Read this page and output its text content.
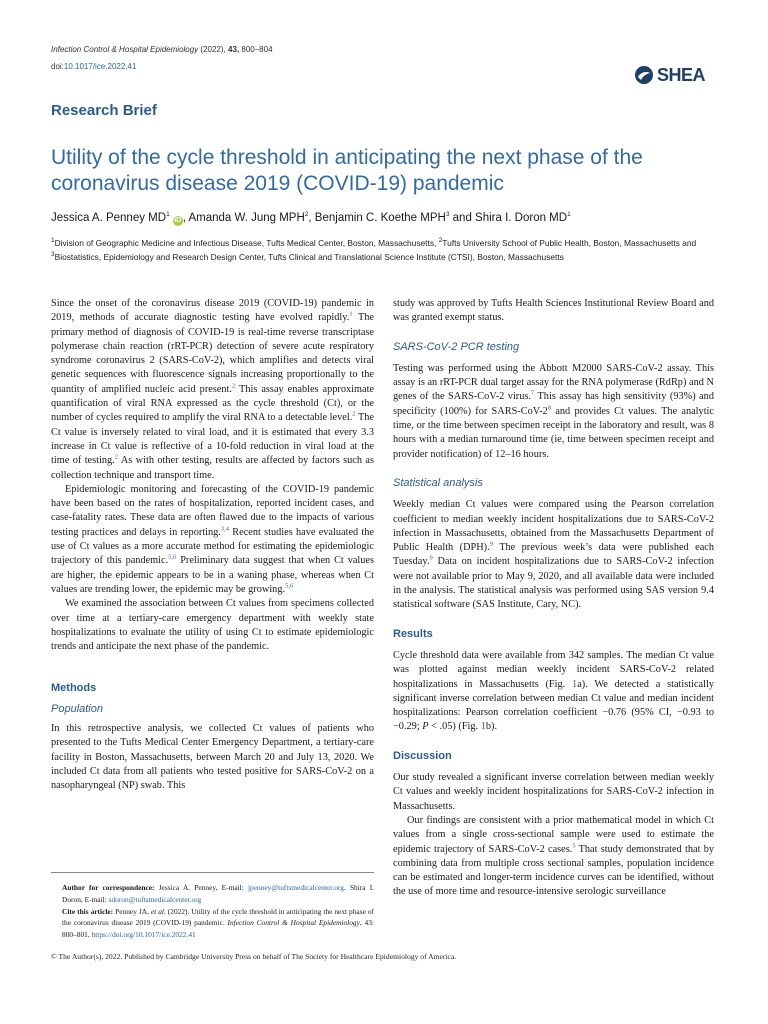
Infection Control & Hospital Epidemiology (2022), 43, 800–804
doi:10.1017/ice.2022.41	SHEA
Research Brief
Utility of the cycle threshold in anticipating the next phase of the coronavirus disease 2019 (COVID-19) pandemic
Jessica A. Penney $MD^1iD$ , Amanda W. Jung MPH$^2$, Benjamin C. Koethe MPH$^3$ and Shira I. Doron $MD^1$
$^1$Division of Geographic Medicine and Infectious Disease, Tufts Medical Center, Boston, Massachusetts, $^2$Tufts University School of Public Health, Boston, Massachusetts and $^3$Biostatistics, Epidemiology and Research Design Center, Tufts Clinical and Translational Science Institute (CTSI), Boston, Massachusetts

Since the onset of the coronavirus disease 2019 (COVID-19) pandemic in 2019, methods of accurate diagnostic testing have evolved rapidly.$^1$ The primary method of diagnosis of COVID-19 is real-time reverse transcriptase polymerase chain reaction (rRT-PCR) detection of severe acute respiratory syndrome coronavirus 2 (SARS-CoV-2), which amplifies and detects viral genetic sequences with fluorescence signals increasing proportionally to the quantity of amplified nucleic acid present.$^2$ This assay enables approximate quantification of viral RNA expressed as the cycle threshold (Ct), or the number of cycles required to amplify the viral RNA to a detectable level.$^2$ The Ct value is inversely related to viral load, and it is estimated that every 3.3 increase in Ct value is reflective of a 10-fold reduction in viral load at the time of testing.$^2$ As with other testing, results are affected by factors such as collection technique and transport time.

Epidemiologic monitoring and forecasting of the COVID-19 pandemic have been based on the rates of hospitalization, reported incident cases, and case-fatality rates. These data are often flawed due to the impacts of various testing practices and delays in reporting.$^{3,4}$ Recent studies have evaluated the use of Ct values as a more accurate method for estimating the epidemiologic trajectory of this pandemic.$^{5,6}$ Preliminary data suggest that when Ct values are higher, the epidemic appears to be in a waning phase, whereas when Ct values are trending lower, the epidemic may be growing.$^{5,6}$

We examined the association between Ct values from specimens collected over time at a tertiary-care emergency department with weekly state hospitalizations to evaluate the utility of using Ct to estimate epidemiologic trends and anticipate the next phase of the pandemic.

Methods

Population

In this retrospective analysis, we collected Ct values of patients who presented to the Tufts Medical Center Emergency Department, a tertiary-care facility in Boston, Massachusetts, between March 20 and July 13, 2020. We included Ct data from all patients who tested positive for SARS-CoV-2 on a nasopharyngeal (NP) swab. This

Author for correspondence: Jessica A. Penney, E-mail: jpenney@tuftsmedicalcenter.org. Shira I. Doron, E-mail: sdoron@tuftsmedicalcenter.org

Cite this article: Penney JA, et al. (2022). Utility of the cycle threshold in anticipating the next phase of the coronavirus disease 2019 (COVID-19) pandemic. Infection Control & Hospital Epidemiology, 43: 800–801, https://doi.org/10.1017/ice.2022.41

study was approved by Tufts Health Sciences Institutional Review Board and was granted exempt status.

SARS-CoV-2 PCR testing

Testing was performed using the Abbott M2000 SARS-CoV-2 assay. This assay is an rRT-PCR dual target assay for the RNA polymerase (RdRp) and N genes of the SARS-CoV-2 virus.$^7$ This assay has high sensitivity (93%) and specificity (100%) for SARS-$CoV-2^8$ and provides Ct values. The analytic time, or the time between specimen receipt in the laboratory and result, was 8 hours with a median turnaround time (ie, time between specimen receipt and provider notification) of 12–16 hours.

Statistical analysis

Weekly median Ct values were compared using the Pearson correlation coefficient to median weekly incident hospitalizations due to SARS-CoV-2 infection in Massachusetts, obtained from the Massachusetts Department of Public Health (DPH).$^9$ The previous week’s data were published each Tuesday.$^9$ Data on incident hospitalizations due to SARS-CoV-2 infection were not available prior to May 9, 2020, and all available data were included in the analysis. The statistical analysis was performed using SAS version 9.4 statistical software (SAS Institute, Cary, NC).

Results

Cycle threshold data were available from 342 samples. The median Ct value was plotted against median weekly incident SARS-CoV-2 related hospitalizations in Massachusetts (Fig. 1a). We detected a statistically significant inverse correlation between median Ct value and median incident hospitalizations: Pearson correlation coefficient −0.76 (95% CI, −0.93 to −0.29; P < .05) (Fig. 1b).

Discussion

Our study revealed a significant inverse correlation between median weekly Ct values and weekly incident hospitalizations for SARS-CoV-2 infection in Massachusetts.

Our findings are consistent with a prior mathematical model in which Ct values from a single cross-sectional sample were used to estimate the epidemic trajectory of SARS-CoV-2 cases.$^5$ That study demonstrated that by combining data from multiple cross sectional samples, population incidence can be estimated and longer-term incidence curves can be identified, without the use of more time and resource-intensive serologic surveillance

© The Author(s), 2022. Published by Cambridge University Press on behalf of The Society for Healthcare Epidemiology of America.
